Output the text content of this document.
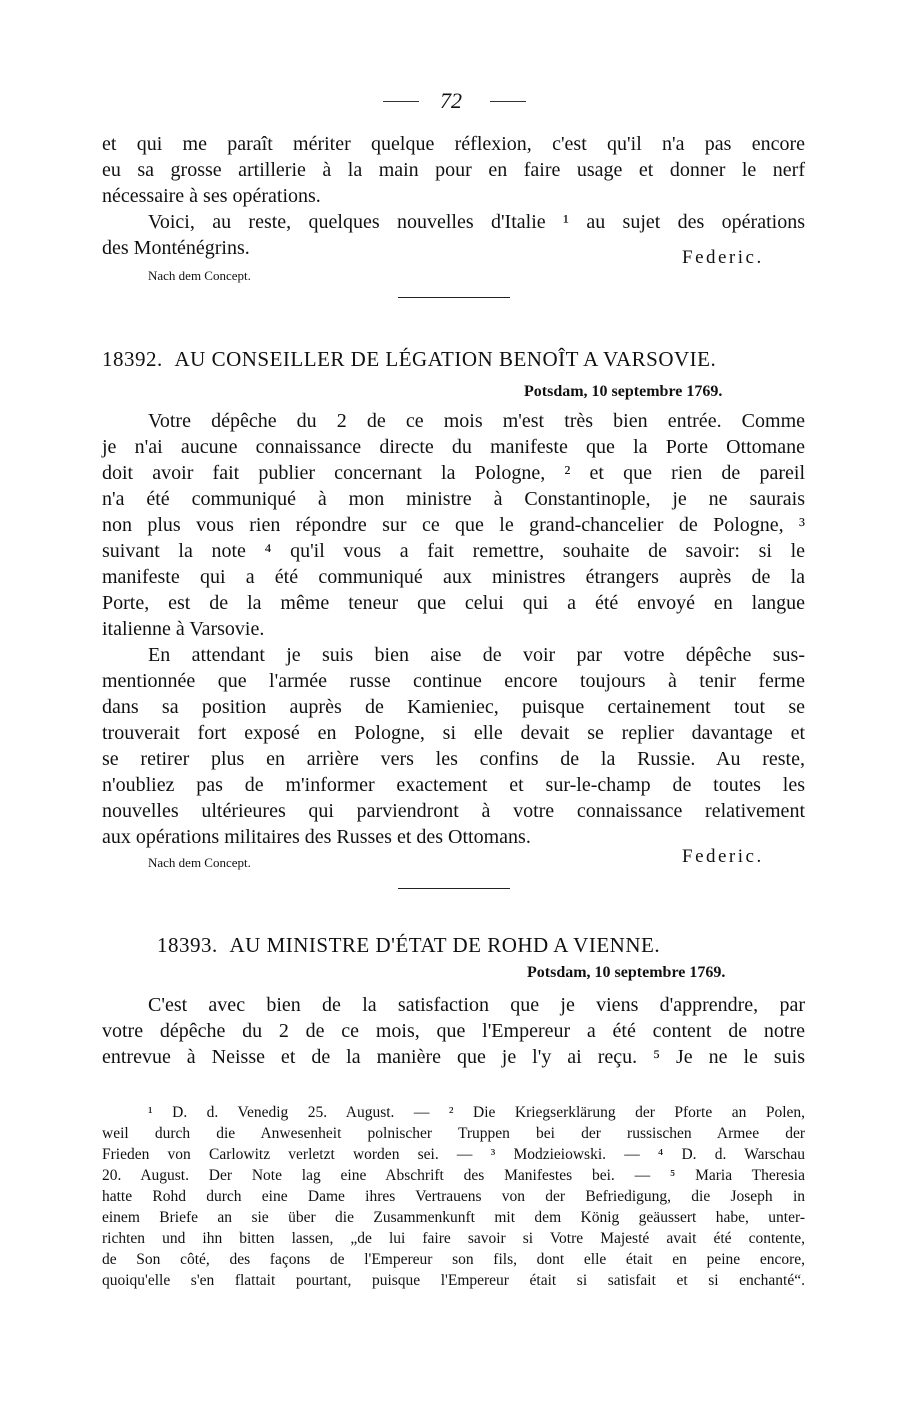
72
et qui me paraît mériter quelque réflexion, c'est qu'il n'a pas encore
eu sa grosse artillerie à la main pour en faire usage et donner le nerf
nécessaire à ses opérations.
Voici, au reste, quelques nouvelles d'Italie ¹ au sujet des opérations
des Monténégrins.	Federic.
Nach dem Concept.
18392. AU CONSEILLER DE LÉGATION BENOÎT A VARSOVIE.
Potsdam, 10 septembre 1769.
Votre dépêche du 2 de ce mois m'est très bien entrée. Comme
je n'ai aucune connaissance directe du manifeste que la Porte Ottomane
doit avoir fait publier concernant la Pologne, ² et que rien de pareil
n'a été communiqué à mon ministre à Constantinople, je ne saurais
non plus vous rien répondre sur ce que le grand-chancelier de Pologne, ³
suivant la note ⁴ qu'il vous a fait remettre, souhaite de savoir: si le
manifeste qui a été communiqué aux ministres étrangers auprès de la
Porte, est de la même teneur que celui qui a été envoyé en langue
italienne à Varsovie.
En attendant je suis bien aise de voir par votre dépêche sus-
mentionnée que l'armée russe continue encore toujours à tenir ferme
dans sa position auprès de Kamieniec, puisque certainement tout se
trouverait fort exposé en Pologne, si elle devait se replier davantage et
se retirer plus en arrière vers les confins de la Russie. Au reste,
n'oubliez pas de m'informer exactement et sur-le-champ de toutes les
nouvelles ultérieures qui parviendront à votre connaissance relativement
aux opérations militaires des Russes et des Ottomans.
Federic.
Nach dem Concept.
18393. AU MINISTRE D'ÉTAT DE ROHD A VIENNE.
Potsdam, 10 septembre 1769.
C'est avec bien de la satisfaction que je viens d'apprendre, par
votre dépêche du 2 de ce mois, que l'Empereur a été content de notre
entrevue à Neisse et de la manière que je l'y ai reçu. ⁵ Je ne le suis
¹ D. d. Venedig 25. August. — ² Die Kriegserklärung der Pforte an Polen,
weil durch die Anwesenheit polnischer Truppen bei der russischen Armee der
Frieden von Carlowitz verletzt worden sei. — ³ Modzieiowski. — ⁴ D. d. Warschau
20. August. Der Note lag eine Abschrift des Manifestes bei. — ⁵ Maria Theresia
hatte Rohd durch eine Dame ihres Vertrauens von der Befriedigung, die Joseph in
einem Briefe an sie über die Zusammenkunft mit dem König geäussert habe, unter-
richten und ihn bitten lassen, „de lui faire savoir si Votre Majesté avait été contente,
de Son côté, des façons de l'Empereur son fils, dont elle était en peine encore,
quoiqu'elle s'en flattait pourtant, puisque l'Empereur était si satisfait et si enchanté“.
